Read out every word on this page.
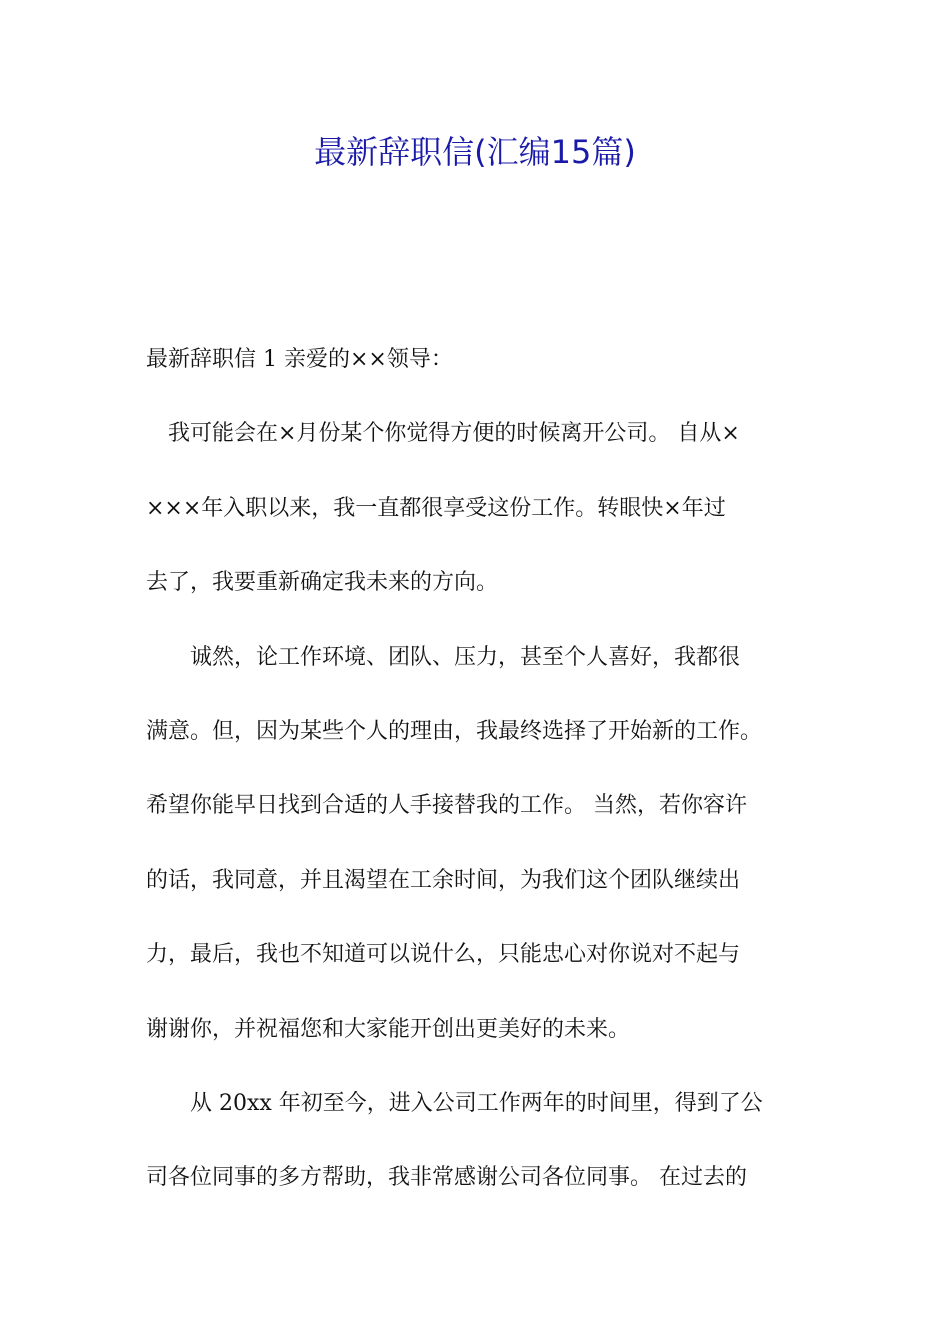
最新辞职信(汇编15篇)
最新辞职信 1 亲爱的××领导：
我可能会在×月份某个你觉得方便的时候离开公司。 自从×
×××年入职以来，我一直都很享受这份工作。转眼快×年过
去了，我要重新确定我未来的方向。
诚然，论工作环境、团队、压力，甚至个人喜好，我都很
满意。但，因为某些个人的理由，我最终选择了开始新的工作。
希望你能早日找到合适的人手接替我的工作。 当然，若你容许
的话，我同意，并且渴望在工余时间，为我们这个团队继续出
力，最后，我也不知道可以说什么，只能忠心对你说对不起与
谢谢你，并祝福您和大家能开创出更美好的未来。
从 20xx 年初至今，进入公司工作两年的时间里，得到了公
司各位同事的多方帮助，我非常感谢公司各位同事。 在过去的
